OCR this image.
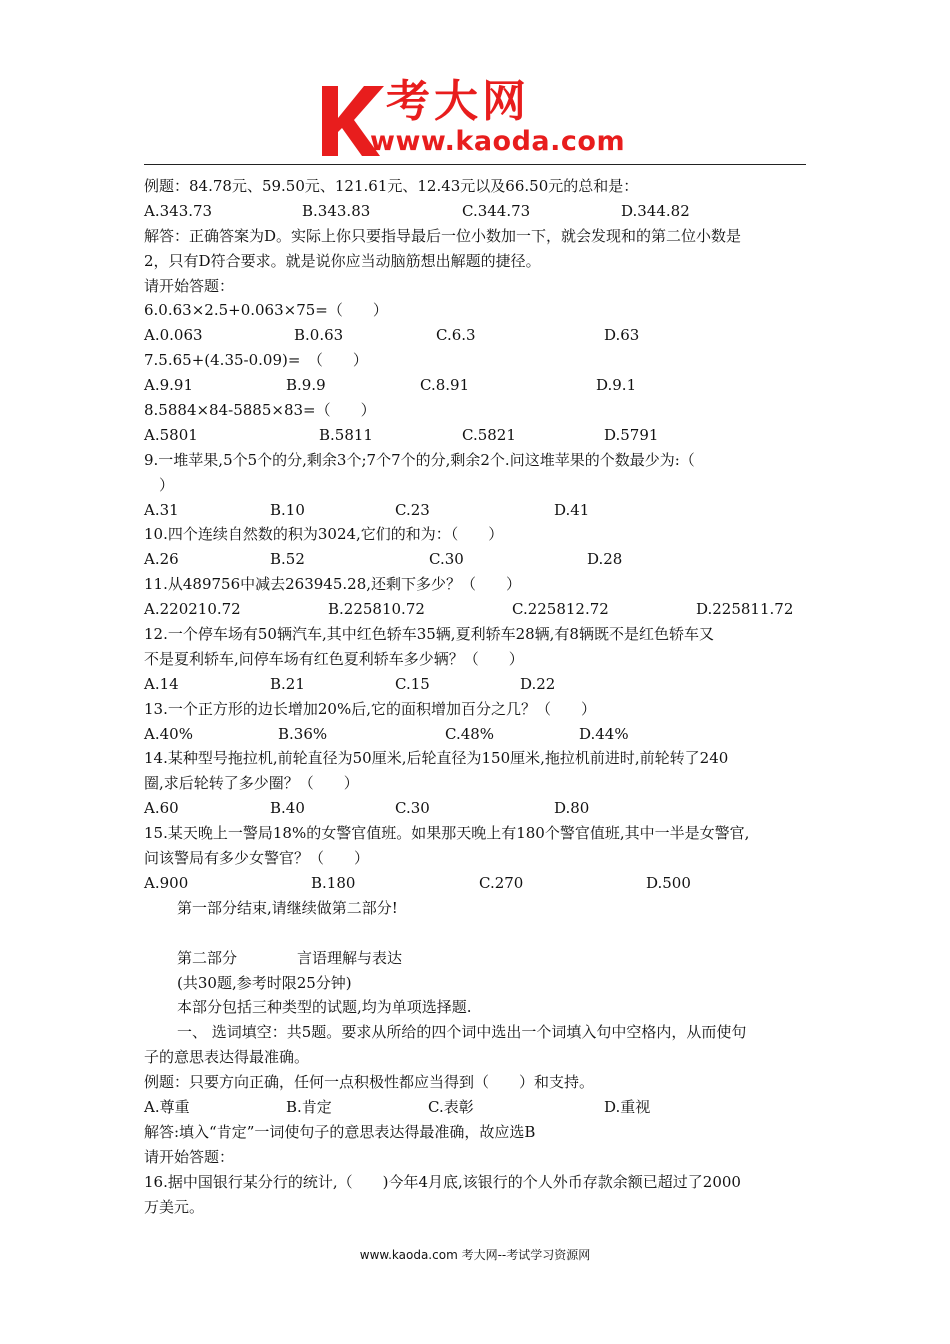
考大网
www.kaoda.com
例题：84.78元、59.50元、121.61元、12.43元以及66.50元的总和是：
A.343.73	B.343.83	C.344.73	D.344.82
解答：正确答案为D。实际上你只要指导最后一位小数加一下，就会发现和的第二位小数是
2，只有D符合要求。就是说你应当动脑筋想出解题的捷径。
请开始答题：
6.0.63×2.5+0.063×75=（　　）
A.0.063	B.0.63	C.6.3	D.63
7.5.65+(4.35-0.09)=　（　　）
A.9.91	B.9.9	C.8.91	D.9.1
8.5884×84-5885×83=（　　）
A.5801	B.5811	C.5821	D.5791
9.一堆苹果,5个5个的分,剩余3个;7个7个的分,剩余2个.问这堆苹果的个数最少为:（
　）
A.31	B.10	C.23	D.41
10.四个连续自然数的积为3024,它们的和为：（　　）
A.26	B.52	C.30	D.28
11.从489756中减去263945.28,还剩下多少？（　　）
A.220210.72	B.225810.72	C.225812.72	D.225811.72
12.一个停车场有50辆汽车,其中红色轿车35辆,夏利轿车28辆,有8辆既不是红色轿车又
不是夏利轿车,问停车场有红色夏利轿车多少辆？（　　）
A.14	B.21	C.15	D.22
13.一个正方形的边长增加20%后,它的面积增加百分之几？（　　）
A.40%	B.36%	C.48%	D.44%
14.某种型号拖拉机,前轮直径为50厘米,后轮直径为150厘米,拖拉机前进时,前轮转了240
圈,求后轮转了多少圈？（　　）
A.60	B.40	C.30	D.80
15.某天晚上一警局18%的女警官值班。如果那天晚上有180个警官值班,其中一半是女警官,
问该警局有多少女警官？（　　）
A.900	B.180	C.270	D.500
第一部分结束,请继续做第二部分!
第二部分　　　　言语理解与表达
(共30题,参考时限25分钟)
本部分包括三种类型的试题,均为单项选择题.
一、 选词填空：共5题。要求从所给的四个词中选出一个词填入句中空格内，从而使句
子的意思表达得最准确。
例题：只要方向正确，任何一点积极性都应当得到（　　）和支持。
A.尊重	B.肯定	C.表彰	D.重视
解答:填入“肯定”一词使句子的意思表达得最准确，故应选B
请开始答题：
16.据中国银行某分行的统计,（　　)今年4月底,该银行的个人外币存款余额已超过了2000
万美元。
www.kaoda.com 考大网--考试学习资源网
